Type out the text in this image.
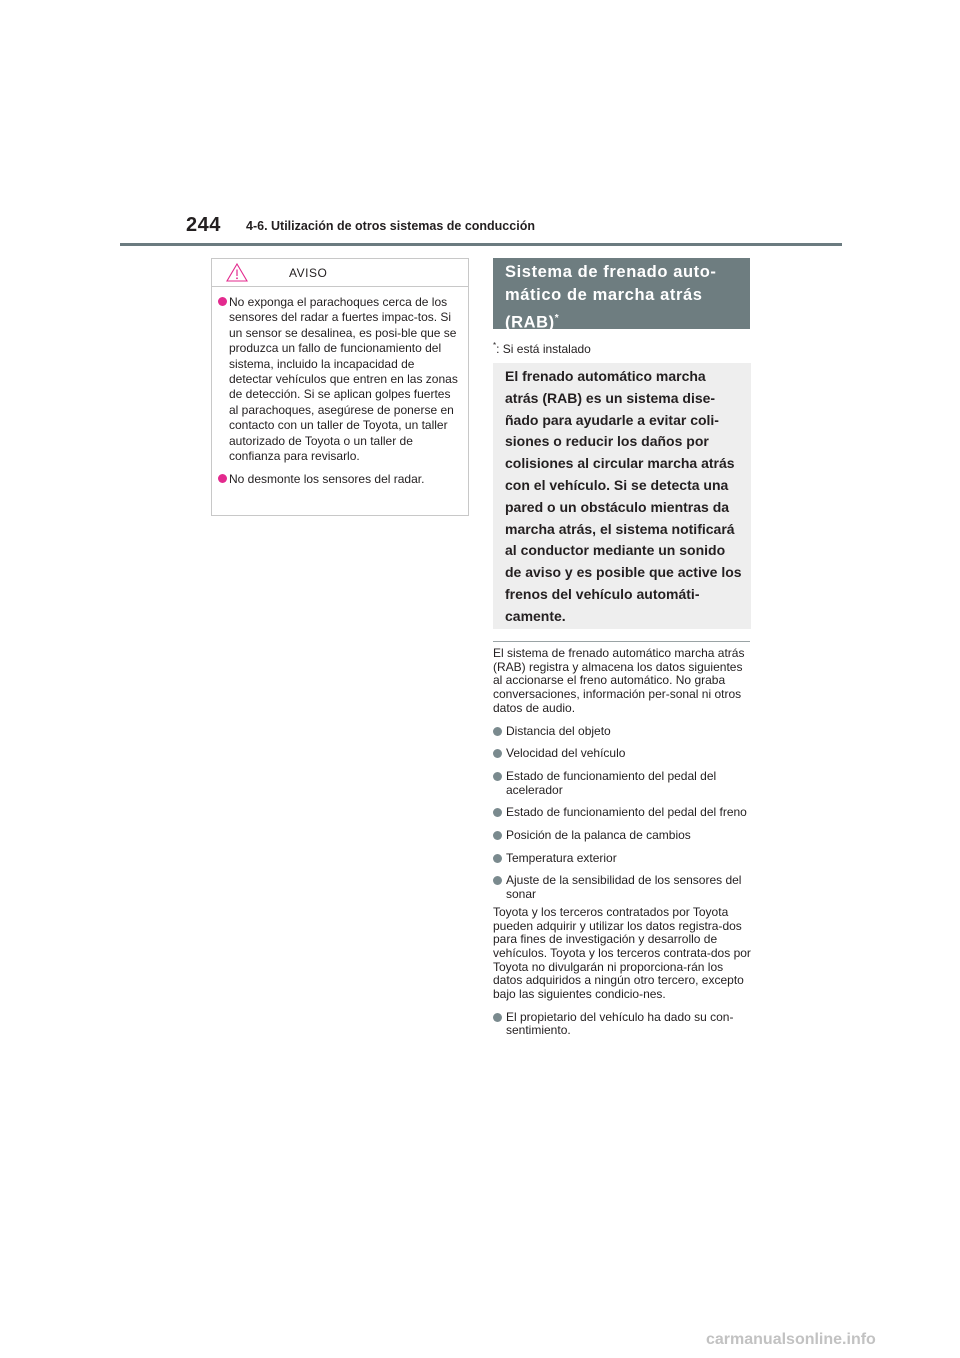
244 4-6. Utilización de otros sistemas de conducción
AVISO
No exponga el parachoques cerca de los sensores del radar a fuertes impac-tos. Si un sensor se desalinea, es posi-ble que se produzca un fallo de funcionamiento del sistema, incluido la incapacidad de detectar vehículos que entren en las zonas de detección. Si se aplican golpes fuertes al parachoques, asegúrese de ponerse en contacto con un taller de Toyota, un taller autorizado de Toyota o un taller de confianza para revisarlo.
No desmonte los sensores del radar.
Sistema de frenado auto-mático de marcha atrás (RAB)*
*: Si está instalado
El frenado automático marcha atrás (RAB) es un sistema dise-ñado para ayudarle a evitar coli-siones o reducir los daños por colisiones al circular marcha atrás con el vehículo. Si se detecta una pared o un obstáculo mientras da marcha atrás, el sistema notificará al conductor mediante un sonido de aviso y es posible que active los frenos del vehículo automáti-camente.

El sistema de frenado automático marcha atrás (RAB) registra y almacena los datos siguientes al accionarse el freno automático. No graba conversaciones, información per-sonal ni otros datos de audio.

Distancia del objeto
Velocidad del vehículo
Estado de funcionamiento del pedal del acelerador
Estado de funcionamiento del pedal del freno
Posición de la palanca de cambios
Temperatura exterior
Ajuste de la sensibilidad de los sensores del sonar

Toyota y los terceros contratados por Toyota pueden adquirir y utilizar los datos registra-dos para fines de investigación y desarrollo de vehículos. Toyota y los terceros contrata-dos por Toyota no divulgarán ni proporciona-rán los datos adquiridos a ningún otro tercero, excepto bajo las siguientes condicio-nes.

El propietario del vehículo ha dado su con-sentimiento.
carmanualsonline.info
